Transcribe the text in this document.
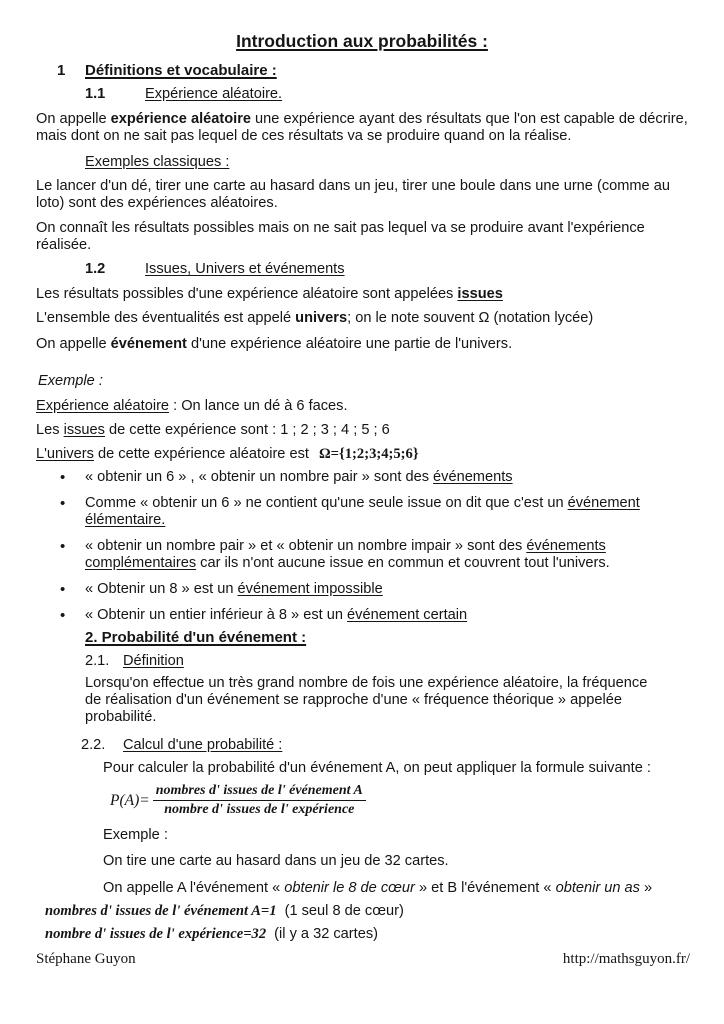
Introduction aux probabilités :
1 Définitions et vocabulaire :
1.1	Expérience aléatoire.

On appelle expérience aléatoire une expérience ayant des résultats que l'on est capable de décrire, mais dont on ne sait pas lequel de ces résultats va se produire quand on la réalise.

Exemples classiques :

Le lancer d'un dé, tirer une carte au hasard dans un jeu, tirer une boule dans une urne (comme au loto) sont des expériences aléatoires.

On connaît les résultats possibles mais on ne sait pas lequel va se produire avant l'expérience réalisée.

1.2	Issues, Univers et événements
Les résultats possibles d'une expérience aléatoire sont appelées issues
L'ensemble des éventualités est appelé univers; on le note souvent Ω (notation lycée)
On appelle événement d'une expérience aléatoire une partie de l'univers.
Exemple :
Expérience aléatoire : On lance un dé à 6 faces.
Les issues de cette expérience sont : 1 ; 2 ; 3 ; 4 ; 5 ; 6
L'univers de cette expérience aléatoire est Ω={1;2;3;4;5;6}
•
« obtenir un 6 » , « obtenir un nombre pair » sont des événements
•
Comme « obtenir un 6 » ne contient qu'une seule issue on dit que c'est un événement élémentaire.
•
« obtenir un nombre pair » et « obtenir un nombre impair » sont des événements complémentaires car ils n'ont aucune issue en commun et couvrent tout l'univers.
•
« Obtenir un 8 » est un événement impossible
•
« Obtenir un entier inférieur à 8 » est un événement certain
2. Probabilité d'un événement :
2.1. Définition

Lorsqu'on effectue un très grand nombre de fois une expérience aléatoire, la fréquence de réalisation d'un événement se rapproche d'une « fréquence théorique » appelée probabilité.

2.2. Calcul d'une probabilité :

Pour calculer la probabilité d'un événement A, on peut appliquer la formule suivante :

$P(A)= \frac{\text{nombres d' issues de l' événement A}}{\text{nombre d' issues de l' expérience}}$
Exemple :

On tire une carte au hasard dans un jeu de 32 cartes.

On appelle A l'événement « obtenir le 8 de cœur » et B l'événement « obtenir un as »

nombres d' issues de l' événement A=1 (1 seul 8 de cœur)
nombre d' issues de l' expérience=32 (il y a 32 cartes)
Stéphane Guyon	http://mathsguyon.fr/
